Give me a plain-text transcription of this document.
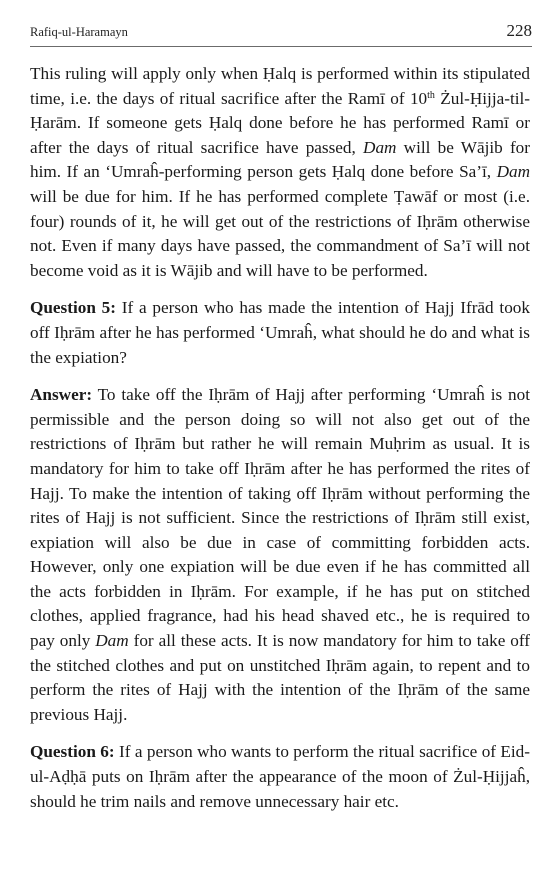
Rafiq-ul-Haramayn	228

This ruling will apply only when Ḥalq is performed within its stipulated time, i.e. the days of ritual sacrifice after the Ramī of 10th Żul-Ḥijja-til-Ḥarām. If someone gets Ḥalq done before he has performed Ramī or after the days of ritual sacrifice have passed, Dam will be Wājib for him. If an ‘Umraĥ-performing person gets Ḥalq done before Sa’ī, Dam will be due for him. If he has performed complete Ṭawāf or most (i.e. four) rounds of it, he will get out of the restrictions of Iḥrām otherwise not. Even if many days have passed, the commandment of Sa’ī will not become void as it is Wājib and will have to be performed.

Question 5: If a person who has made the intention of Hajj Ifrād took off Iḥrām after he has performed ‘Umraĥ, what should he do and what is the expiation?

Answer: To take off the Iḥrām of Hajj after performing ‘Umraĥ is not permissible and the person doing so will not also get out of the restrictions of Iḥrām but rather he will remain Muḥrim as usual. It is mandatory for him to take off Iḥrām after he has performed the rites of Hajj. To make the intention of taking off Iḥrām without performing the rites of Hajj is not sufficient. Since the restrictions of Iḥrām still exist, expiation will also be due in case of committing forbidden acts. However, only one expiation will be due even if he has committed all the acts forbidden in Iḥrām. For example, if he has put on stitched clothes, applied fragrance, had his head shaved etc., he is required to pay only Dam for all these acts. It is now mandatory for him to take off the stitched clothes and put on unstitched Iḥrām again, to repent and to perform the rites of Hajj with the intention of the Iḥrām of the same previous Hajj.

Question 6: If a person who wants to perform the ritual sacrifice of Eid-ul-Aḍḥā puts on Iḥrām after the appearance of the moon of Żul-Ḥijjaĥ, should he trim nails and remove unnecessary hair etc.
